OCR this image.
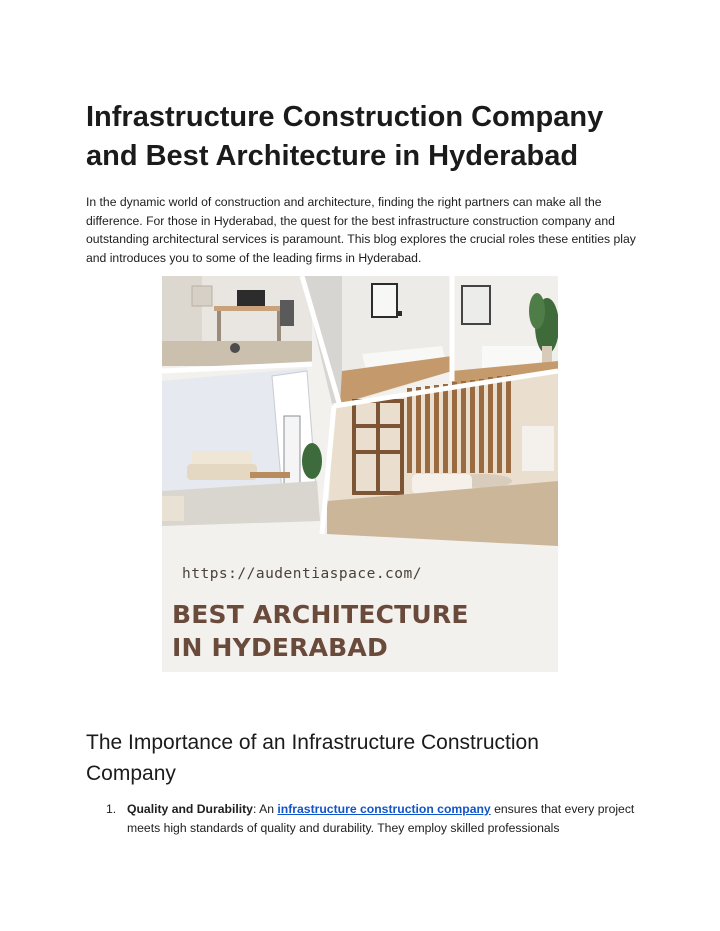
Infrastructure Construction Company and Best Architecture in Hyderabad

In the dynamic world of construction and architecture, finding the right partners can make all the difference. For those in Hyderabad, the quest for the best infrastructure construction company and outstanding architectural services is paramount. This blog explores the crucial roles these entities play and introduces you to some of the leading firms in Hyderabad.

https://audentiaspace.com/

BEST ARCHITECTURE
IN HYDERABAD

The Importance of an Infrastructure Construction Company
1. Quality and Durability: An infrastructure construction company ensures that every project meets high standards of quality and durability. They employ skilled professionals
